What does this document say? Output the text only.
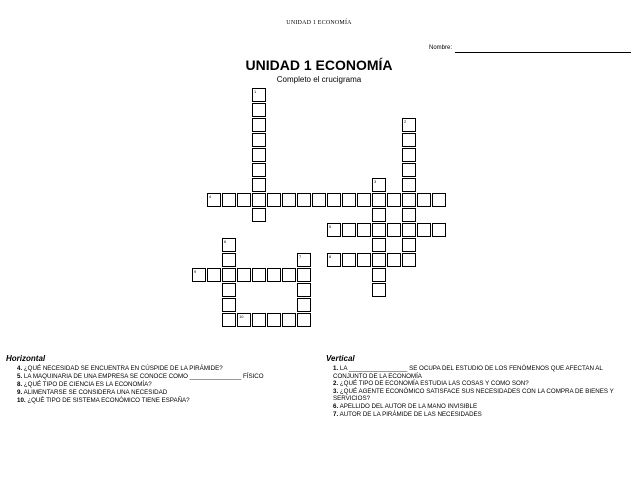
UNIDAD 1 ECONOMÍA
Nombre:
UNIDAD 1 ECONOMÍA
Completo el crucigrama
1
2
3
4
5
6
7	8
9
10
Horizontal
4. ¿QUÉ NECESIDAD SE ENCUENTRA EN CÚSPIDE DE LA PIRÁMIDE?
5. LA MAQUINARIA DE UNA EMPRESA SE CONOCE COMO _______________ FÍSICO
8. ¿QUÉ TIPO DE CIENCIA ES LA ECONOMÍA?
9. ALIMENTARSE SE CONSIDERA UNA NECESIDAD
10. ¿QUÉ TIPO DE SISTEMA ECONÓMICO TIENE ESPAÑA?
Vertical
1. LA _________________ SE OCUPA DEL ESTUDIO DE LOS FENÓMENOS QUE AFECTAN AL CONJUNTO DE LA ECONOMÍA
2. ¿QUÉ TIPO DE ECONOMÍA ESTUDIA LAS COSAS Y COMO SON?
3. ¿QUÉ AGENTE ECONÓMICO SATISFACE SUS NECESIDADES CON LA COMPRA DE BIENES Y SERVICIOS?
6. APELLIDO DEL AUTOR DE LA MANO INVISIBLE
7. AUTOR DE LA PIRÁMIDE DE LAS NECESIDADES
